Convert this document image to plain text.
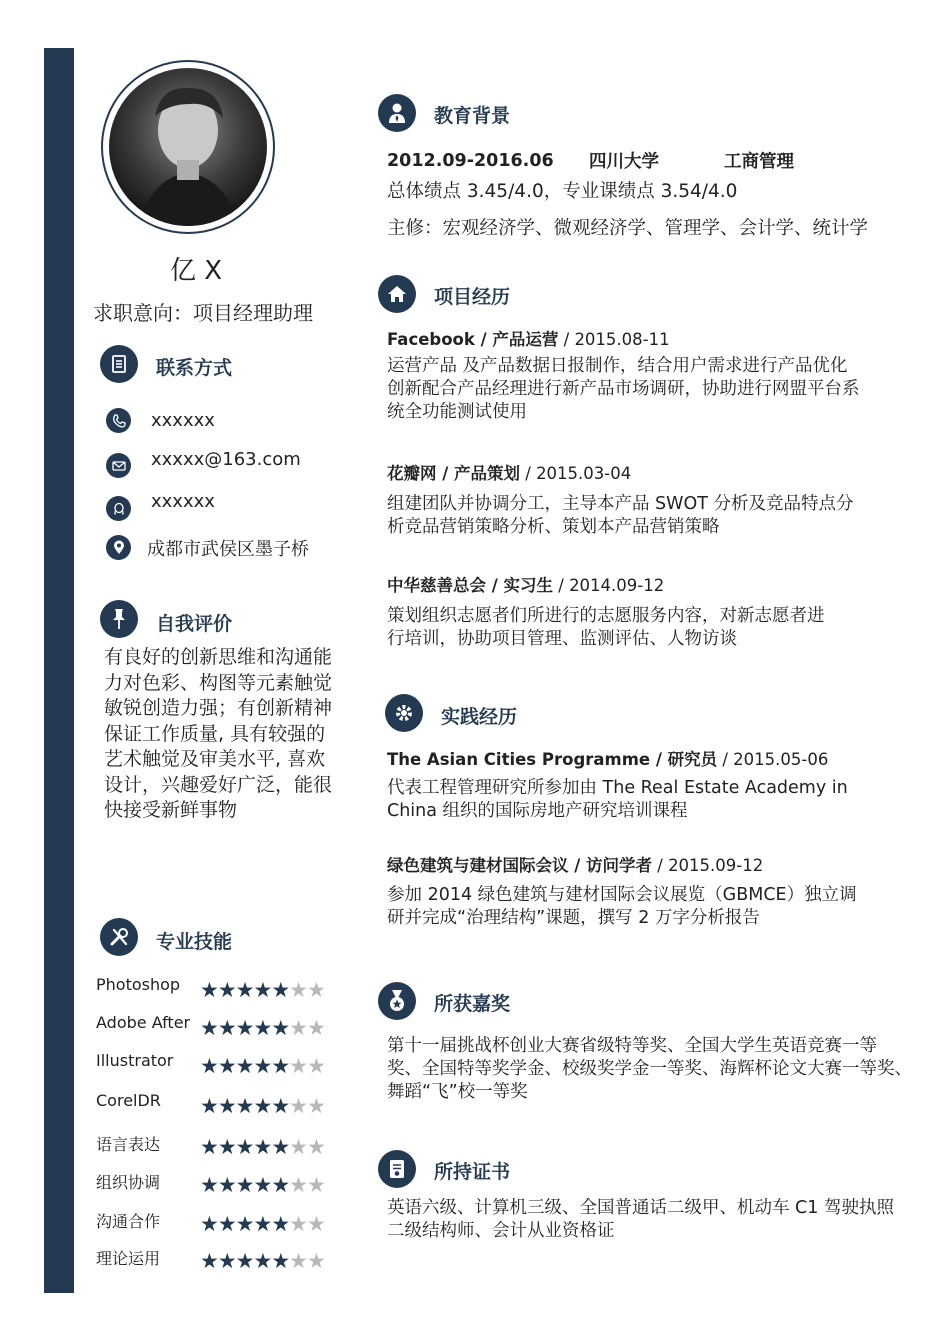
亿 X
求职意向：项目经理助理
联系方式
xxxxxx
xxxxx@163.com
xxxxxx
成都市武侯区墨子桥
自我评价
有良好的创新思维和沟通能力对色彩、构图等元素触觉敏锐创造力强；有创新精神保证工作质量, 具有较强的艺术触觉及审美水平, 喜欢设计，兴趣爱好广泛，能很快接受新鲜事物
专业技能
Photoshop ★★★★★★★
Adobe After ★★★★★★★
Illustrator ★★★★★★★
CorelDR ★★★★★★★
语言表达 ★★★★★★★
组织协调 ★★★★★★★
沟通合作 ★★★★★★★
理论运用 ★★★★★★★
教育背景
2012.09-2016.06 四川大学	工商管理
总体绩点 3.45/4.0，专业课绩点 3.54/4.0
主修：宏观经济学、微观经济学、管理学、会计学、统计学
项目经历
Facebook / 产品运营 / 2015.08-11
运营产品 及产品数据日报制作，结合用户需求进行产品优化
创新配合产品经理进行新产品市场调研，协助进行网盟平台系
统全功能测试使用
花瓣网 / 产品策划 / 2015.03-04
组建团队并协调分工，主导本产品 SWOT 分析及竞品特点分
析竞品营销策略分析、策划本产品营销策略
中华慈善总会 / 实习生 / 2014.09-12
策划组织志愿者们所进行的志愿服务内容，对新志愿者进
行培训，协助项目管理、监测评估、人物访谈
实践经历
The Asian Cities Programme / 研究员 / 2015.05-06
代表工程管理研究所参加由 The Real Estate Academy in
China 组织的国际房地产研究培训课程
绿色建筑与建材国际会议 / 访问学者 / 2015.09-12
参加 2014 绿色建筑与建材国际会议展览（GBMCE）独立调
研并完成“治理结构”课题，撰写 2 万字分析报告
所获嘉奖
第十一届挑战杯创业大赛省级特等奖、全国大学生英语竞赛一等
奖、全国特等奖学金、校级奖学金一等奖、海辉杯论文大赛一等奖、
舞蹈“飞”校一等奖
所持证书
英语六级、计算机三级、全国普通话二级甲、机动车 C1 驾驶执照
二级结构师、会计从业资格证
